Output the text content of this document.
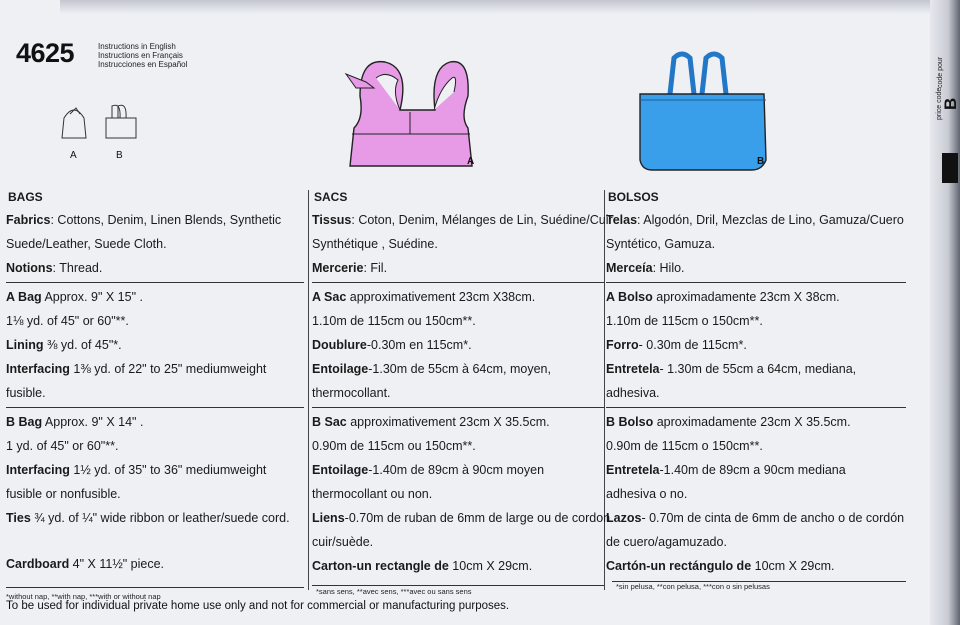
4625	Instructions in English
Instructions en Français
Instrucciones en Español
A	B
A	B
price code
B
code pour
BAGS
Fabrics: Cottons, Denim, Linen Blends, Synthetic
Suede/Leather, Suede Cloth.
Notions: Thread.
A Bag Approx. 9" X 15" .
1⅛ yd. of 45" or 60"**.
Lining ⅜ yd. of 45"*.
Interfacing 1⅜ yd. of 22" to 25" mediumweight
fusible.
B Bag Approx. 9" X 14" .
1 yd. of 45" or 60"**.
Interfacing 1½ yd. of 35" to 36" mediumweight
fusible or nonfusible.
Ties ¾ yd. of ¼" wide ribbon or leather/suede cord.
Cardboard 4" X 11½" piece.
SACS
Tissus: Coton, Denim, Mélanges de Lin, Suédine/Cuir
Synthétique , Suédine.
Mercerie: Fil.
A Sac approximativement 23cm X38cm.
1.10m de 115cm ou 150cm**.
Doublure-0.30m en 115cm*.
Entoilage-1.30m de 55cm à 64cm, moyen,
thermocollant.
B Sac approximativement 23cm X 35.5cm.
0.90m de 115cm ou 150cm**.
Entoilage-1.40m de 89cm à 90cm moyen
thermocollant ou non.
Liens-0.70m de ruban de 6mm de large ou de cordon
cuir/suède.
Carton-un rectangle de 10cm X 29cm.
BOLSOS
Telas: Algodón, Dril, Mezclas de Lino, Gamuza/Cuero
Syntético, Gamuza.
Merceía: Hilo.
A Bolso aproximadamente 23cm X 38cm.
1.10m de 115cm o 150cm**.
Forro- 0.30m de 115cm*.
Entretela- 1.30m de 55cm a 64cm, mediana,
adhesiva.
B Bolso aproximadamente 23cm X 35.5cm.
0.90m de 115cm o 150cm**.
Entretela-1.40m de 89cm a 90cm mediana
adhesiva o no.
Lazos- 0.70m de cinta de 6mm de ancho o de cordón
de cuero/agamuzado.
Cartón-un rectángulo de 10cm X 29cm.
*without nap, **with nap, ***with or without nap
*sans sens, **avec sens, ***avec ou sans sens
*sin pelusa, **con pelusa, ***con o sin pelusas
To be used for individual private home use only and not for commercial or manufacturing purposes.
